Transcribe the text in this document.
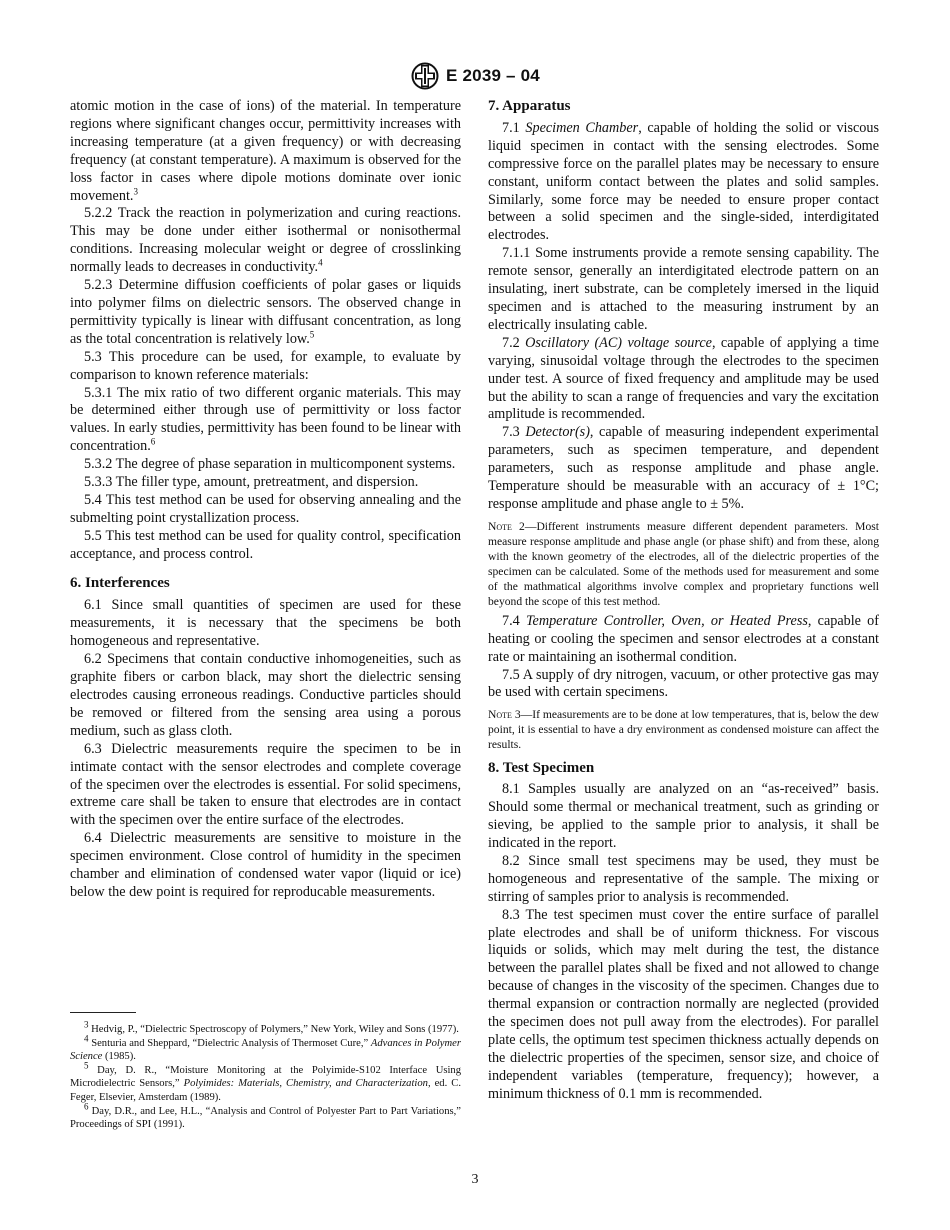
E 2039 – 04

atomic motion in the case of ions) of the material. In temperature regions where significant changes occur, permittivity increases with increasing temperature (at a given frequency) or with decreasing frequency (at constant temperature). A maximum is observed for the loss factor in cases where dipole motions dominate over ionic movement.$^3$

5.2.2 Track the reaction in polymerization and curing reactions. This may be done under either isothermal or nonisothermal conditions. Increasing molecular weight or degree of crosslinking normally leads to decreases in conductivity.$^4$

5.2.3 Determine diffusion coefficients of polar gases or liquids into polymer films on dielectric sensors. The observed change in permittivity typically is linear with diffusant concentration, as long as the total concentration is relatively low.$^5$

5.3 This procedure can be used, for example, to evaluate by comparison to known reference materials:

5.3.1 The mix ratio of two different organic materials. This may be determined either through use of permittivity or loss factor values. In early studies, permittivity has been found to be linear with concentration.$^6$

5.3.2 The degree of phase separation in multicomponent systems.

5.3.3 The filler type, amount, pretreatment, and dispersion.

5.4 This test method can be used for observing annealing and the submelting point crystallization process.

5.5 This test method can be used for quality control, specification acceptance, and process control.

6. Interferences

6.1 Since small quantities of specimen are used for these measurements, it is necessary that the specimens be both homogeneous and representative.

6.2 Specimens that contain conductive inhomogeneities, such as graphite fibers or carbon black, may short the dielectric sensing electrodes causing erroneous readings. Conductive particles should be removed or filtered from the sensing area using a porous medium, such as glass cloth.

6.3 Dielectric measurements require the specimen to be in intimate contact with the sensor electrodes and complete coverage of the specimen over the electrodes is essential. For solid specimens, extreme care shall be taken to ensure that electrodes are in contact with the specimen over the entire surface of the electrodes.

6.4 Dielectric measurements are sensitive to moisture in the specimen environment. Close control of humidity in the specimen chamber and elimination of condensed water vapor (liquid or ice) below the dew point is required for reproducable measurements.

$^3$ Hedvig, P., “Dielectric Spectroscopy of Polymers,” New York, Wiley and Sons (1977).

$^4$ Senturia and Sheppard, “Dielectric Analysis of Thermoset Cure,” Advances in Polymer Science (1985).

$^5$ Day, D. R., “Moisture Monitoring at the Polyimide-S102 Interface Using Microdielectric Sensors,” Polyimides: Materials, Chemistry, and Characterization, ed. C. Feger, Elsevier, Amsterdam (1989).

$^6$ Day, D.R., and Lee, H.L., “Analysis and Control of Polyester Part to Part Variations,” Proceedings of SPI (1991).

7. Apparatus

7.1 Specimen Chamber, capable of holding the solid or viscous liquid specimen in contact with the sensing electrodes. Some compressive force on the parallel plates may be necessary to ensure constant, uniform contact between the plates and solid samples. Similarly, some force may be needed to ensure proper contact between a solid specimen and the single-sided, interdigitated electrodes.

7.1.1 Some instruments provide a remote sensing capability. The remote sensor, generally an interdigitated electrode pattern on an insulating, inert substrate, can be completely imersed in the liquid specimen and is attached to the measuring instrument by an electrically insulating cable.

7.2 Oscillatory (AC) voltage source, capable of applying a time varying, sinusoidal voltage through the electrodes to the specimen under test. A source of fixed frequency and amplitude may be used but the ability to scan a range of frequencies and vary the excitation amplitude is recommended.

7.3 Detector(s), capable of measuring independent experimental parameters, such as specimen temperature, and dependent parameters, such as response amplitude and phase angle. Temperature should be measurable with an accuracy of ± 1°C; response amplitude and phase angle to ± 5%.

Note 2—Different instruments measure different dependent parameters. Most measure response amplitude and phase angle (or phase shift) and from these, along with the known geometry of the electrodes, all of the dielectric properties of the specimen can be calculated. Some of the methods used for measurement and some of the mathmatical algorithms involve complex and proprietary functions well beyond the scope of this test method.

7.4 Temperature Controller, Oven, or Heated Press, capable of heating or cooling the specimen and sensor electrodes at a constant rate or maintaining an isothermal condition.

7.5 A supply of dry nitrogen, vacuum, or other protective gas may be used with certain specimens.

Note 3—If measurements are to be done at low temperatures, that is, below the dew point, it is essential to have a dry environment as condensed moisture can affect the results.

8. Test Specimen

8.1 Samples usually are analyzed on an “as-received” basis. Should some thermal or mechanical treatment, such as grinding or sieving, be applied to the sample prior to analysis, it shall be indicated in the report.

8.2 Since small test specimens may be used, they must be homogeneous and representative of the sample. The mixing or stirring of samples prior to analysis is recommended.

8.3 The test specimen must cover the entire surface of parallel plate electrodes and shall be of uniform thickness. For viscous liquids or solids, which may melt during the test, the distance between the parallel plates shall be fixed and not allowed to change because of changes in the viscosity of the specimen. Changes due to thermal expansion or contraction normally are neglected (provided the specimen does not pull away from the electrodes). For parallel plate cells, the optimum test specimen thickness actually depends on the dielectric properties of the specimen, sensor size, and choice of independent variables (temperature, frequency); however, a minimum thickness of 0.1 mm is recommended.

3
